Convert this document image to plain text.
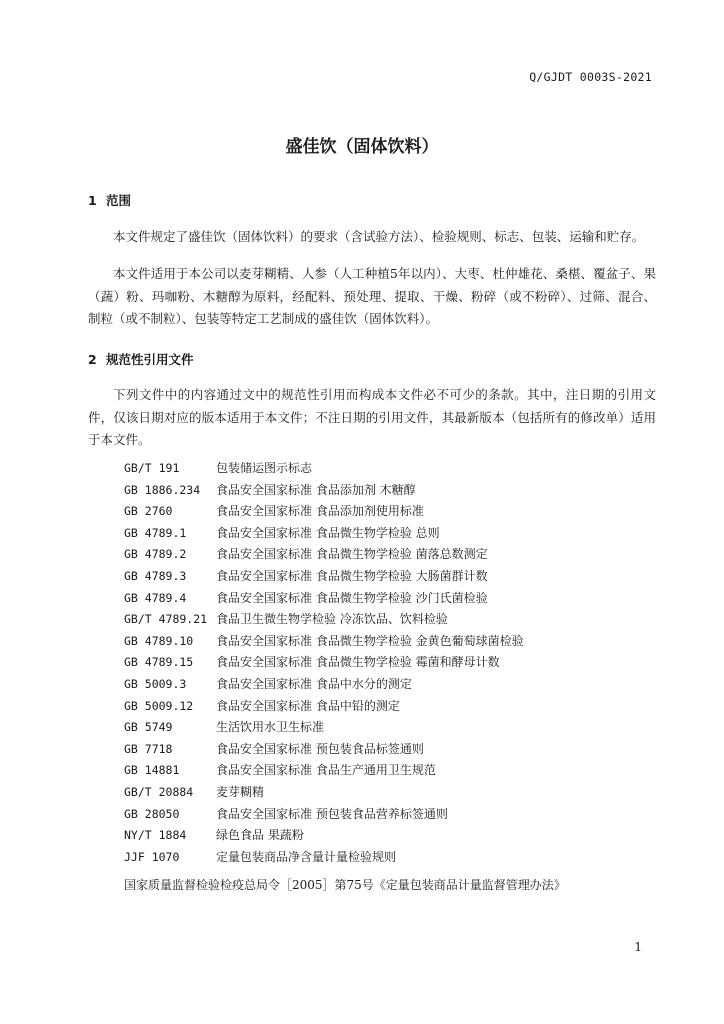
Q/GJDT 0003S-2021
盛佳饮（固体饮料）
1 范围

本文件规定了盛佳饮（固体饮料）的要求（含试验方法）、检验规则、标志、包装、运输和贮存。

本文件适用于本公司以麦芽糊精、人参（人工种植5年以内）、大枣、杜仲雄花、桑椹、覆盆子、果（蔬）粉、玛咖粉、木糖醇为原料，经配料、预处理、提取、干燥、粉碎（或不粉碎）、过筛、混合、制粒（或不制粒）、包装等特定工艺制成的盛佳饮（固体饮料）。

2 规范性引用文件

下列文件中的内容通过文中的规范性引用而构成本文件必不可少的条款。其中，注日期的引用文件，仅该日期对应的版本适用于本文件；不注日期的引用文件，其最新版本（包括所有的修改单）适用于本文件。

GB/T 191	包装储运图示标志
GB 1886.234	食品安全国家标准 食品添加剂 木糖醇
GB 2760	食品安全国家标准 食品添加剂使用标准
GB 4789.1	食品安全国家标准 食品微生物学检验 总则
GB 4789.2	食品安全国家标准 食品微生物学检验 菌落总数测定
GB 4789.3	食品安全国家标准 食品微生物学检验 大肠菌群计数
GB 4789.4	食品安全国家标准 食品微生物学检验 沙门氏菌检验
GB/T 4789.21 食品卫生微生物学检验 冷冻饮品、饮料检验
GB 4789.10	食品安全国家标准 食品微生物学检验 金黄色葡萄球菌检验
GB 4789.15	食品安全国家标准 食品微生物学检验 霉菌和酵母计数
GB 5009.3	食品安全国家标准 食品中水分的测定
GB 5009.12	食品安全国家标准 食品中铅的测定
GB 5749	生活饮用水卫生标准
GB 7718	食品安全国家标准 预包装食品标签通则
GB 14881	食品安全国家标准 食品生产通用卫生规范
GB/T 20884	麦芽糊精
GB 28050	食品安全国家标准 预包装食品营养标签通则
NY/T 1884	绿色食品 果蔬粉
JJF 1070	定量包装商品净含量计量检验规则
国家质量监督检验检疫总局令［2005］第75号《定量包装商品计量监督管理办法》
1
